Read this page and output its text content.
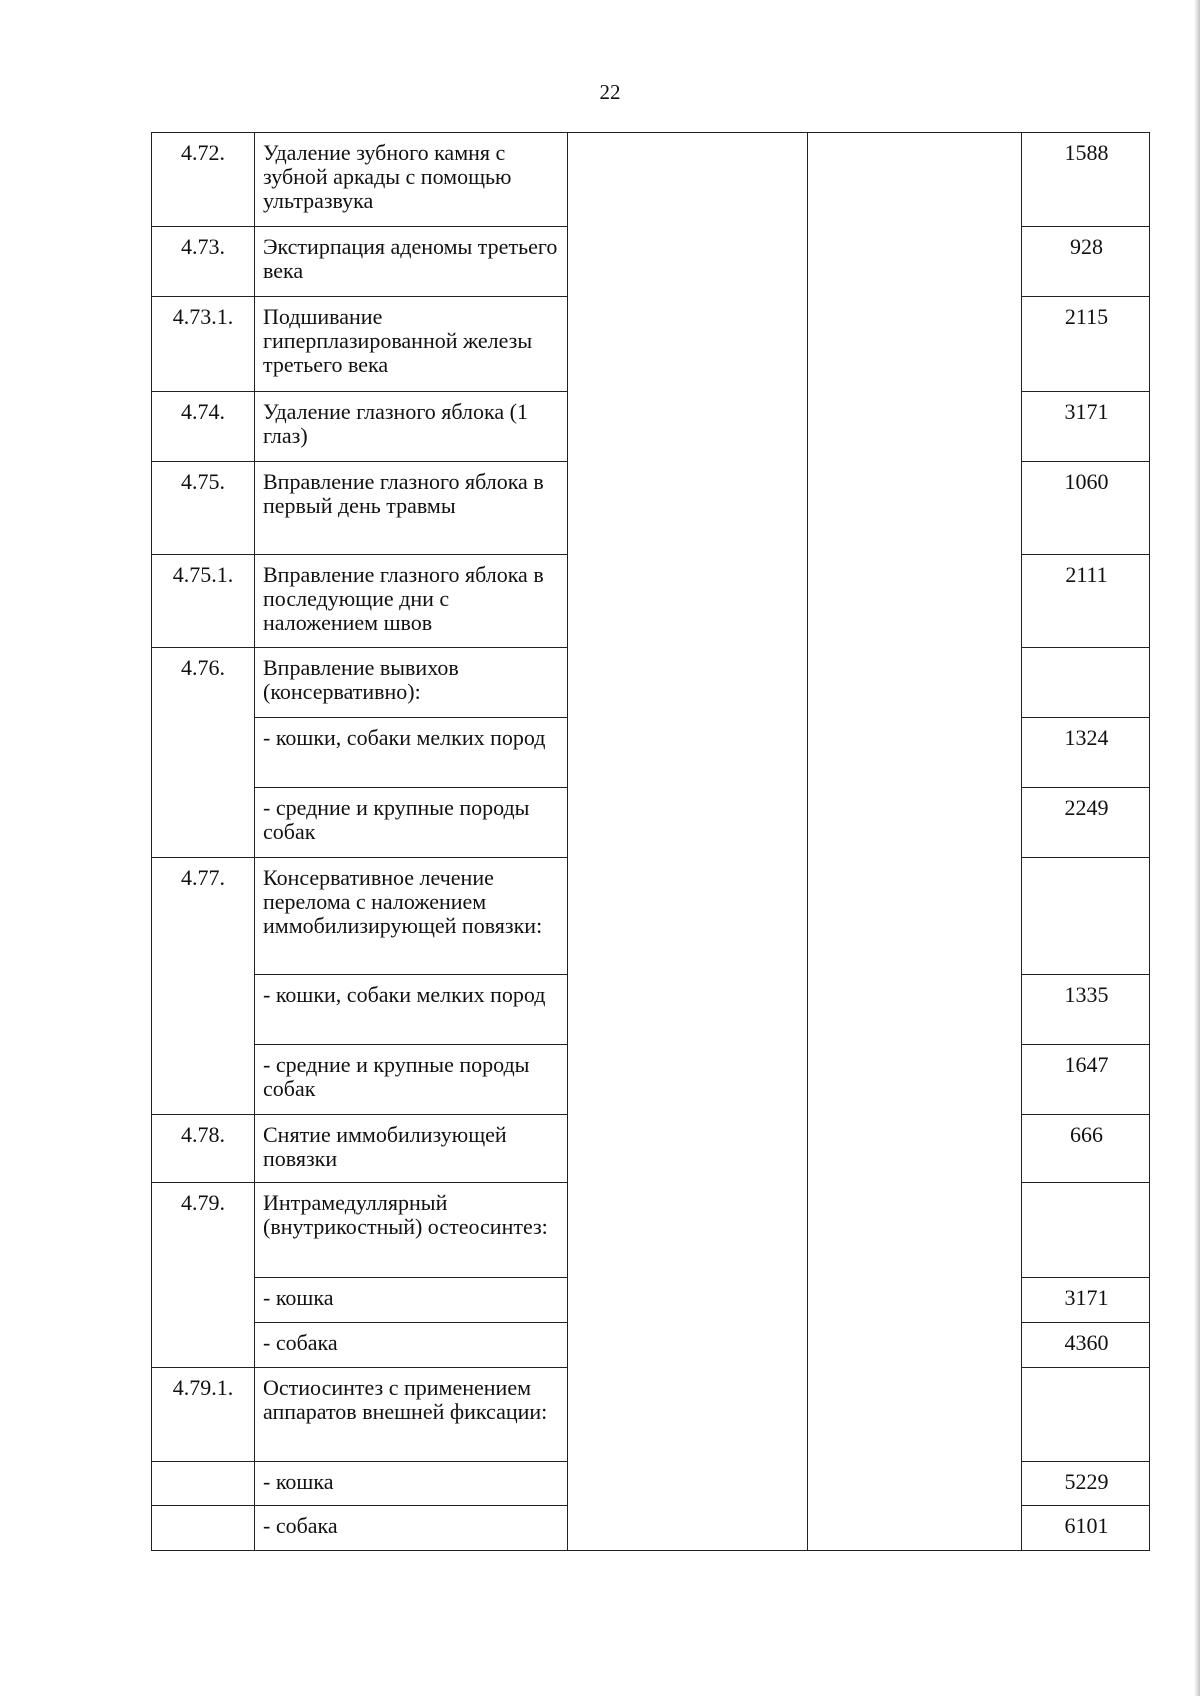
22
4.72.	Удаление зубного камня с зубной аркады с помощью ультразвука			1588
4.73.	Экстирпация аденомы третьего века			928
4.73.1.	Подшивание гиперплазированной железы третьего века			2115
4.74.	Удаление глазного яблока (1 глаз)			3171
4.75.	Вправление глазного яблока в первый день травмы			1060
4.75.1.	Вправление глазного яблока в последующие дни с наложением швов			2111
4.76.	Вправление вывихов (консервативно):			
	- кошки, собаки мелких пород			1324
	- средние и крупные породы собак			2249
4.77.	Консервативное лечение перелома с наложением иммобилизирующей повязки:			
	- кошки, собаки мелких пород			1335
	- средние и крупные породы собак			1647
4.78.	Снятие иммобилизующей повязки			666
4.79.	Интрамедуллярный (внутрикостный) остеосинтез:			
	- кошка			3171
	- собака			4360
4.79.1.	Остиосинтез с применением аппаратов внешней фиксации:			
	- кошка			5229
	- собака			6101
